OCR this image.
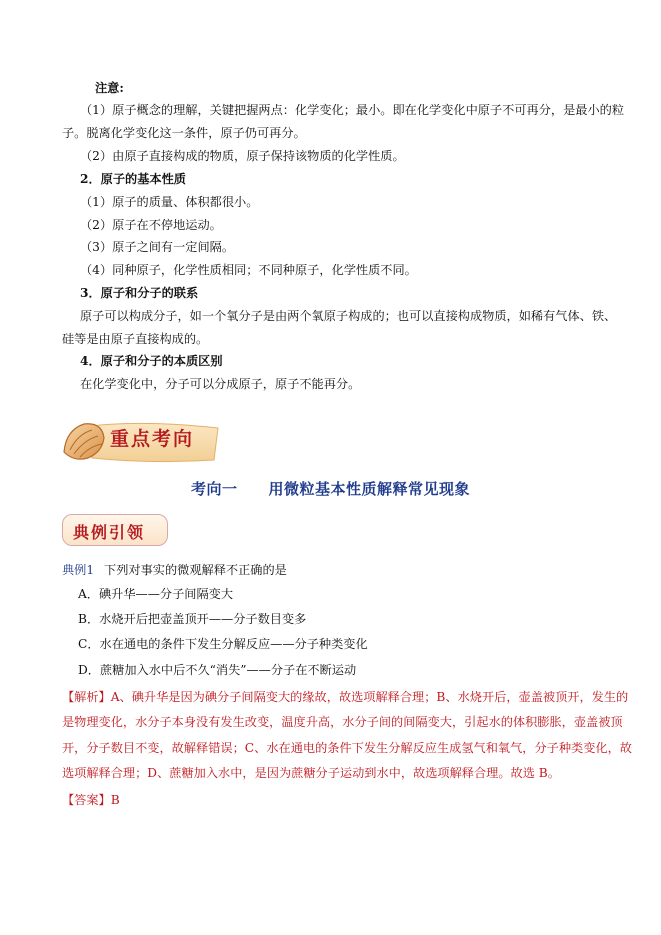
注意:
（1）原子概念的理解，关键把握两点：化学变化；最小。即在化学变化中原子不可再分，是最小的粒
子。脱离化学变化这一条件，原子仍可再分。
（2）由原子直接构成的物质，原子保持该物质的化学性质。
2．原子的基本性质
（1）原子的质量、体积都很小。
（2）原子在不停地运动。
（3）原子之间有一定间隔。
（4）同种原子，化学性质相同；不同种原子，化学性质不同。
3．原子和分子的联系
原子可以构成分子，如一个氧分子是由两个氧原子构成的；也可以直接构成物质，如稀有气体、铁、
硅等是由原子直接构成的。
4．原子和分子的本质区别
在化学变化中，分子可以分成原子，原子不能再分。
重点考向
考向一　　用微粒基本性质解释常见现象
典例引领
典例1 下列对事实的微观解释不正确的是
A．碘升华——分子间隔变大
B．水烧开后把壶盖顶开——分子数目变多
C．水在通电的条件下发生分解反应——分子种类变化
D．蔗糖加入水中后不久“消失”——分子在不断运动
【解析】A、碘升华是因为碘分子间隔变大的缘故，故选项解释合理；B、水烧开后，壶盖被顶开，发生的
是物理变化，水分子本身没有发生改变，温度升高，水分子间的间隔变大，引起水的体积膨胀，壶盖被顶
开，分子数目不变，故解释错误；C、水在通电的条件下发生分解反应生成氢气和氧气，分子种类变化，故
选项解释合理；D、蔗糖加入水中，是因为蔗糖分子运动到水中，故选项解释合理。故选 B。
【答案】B
